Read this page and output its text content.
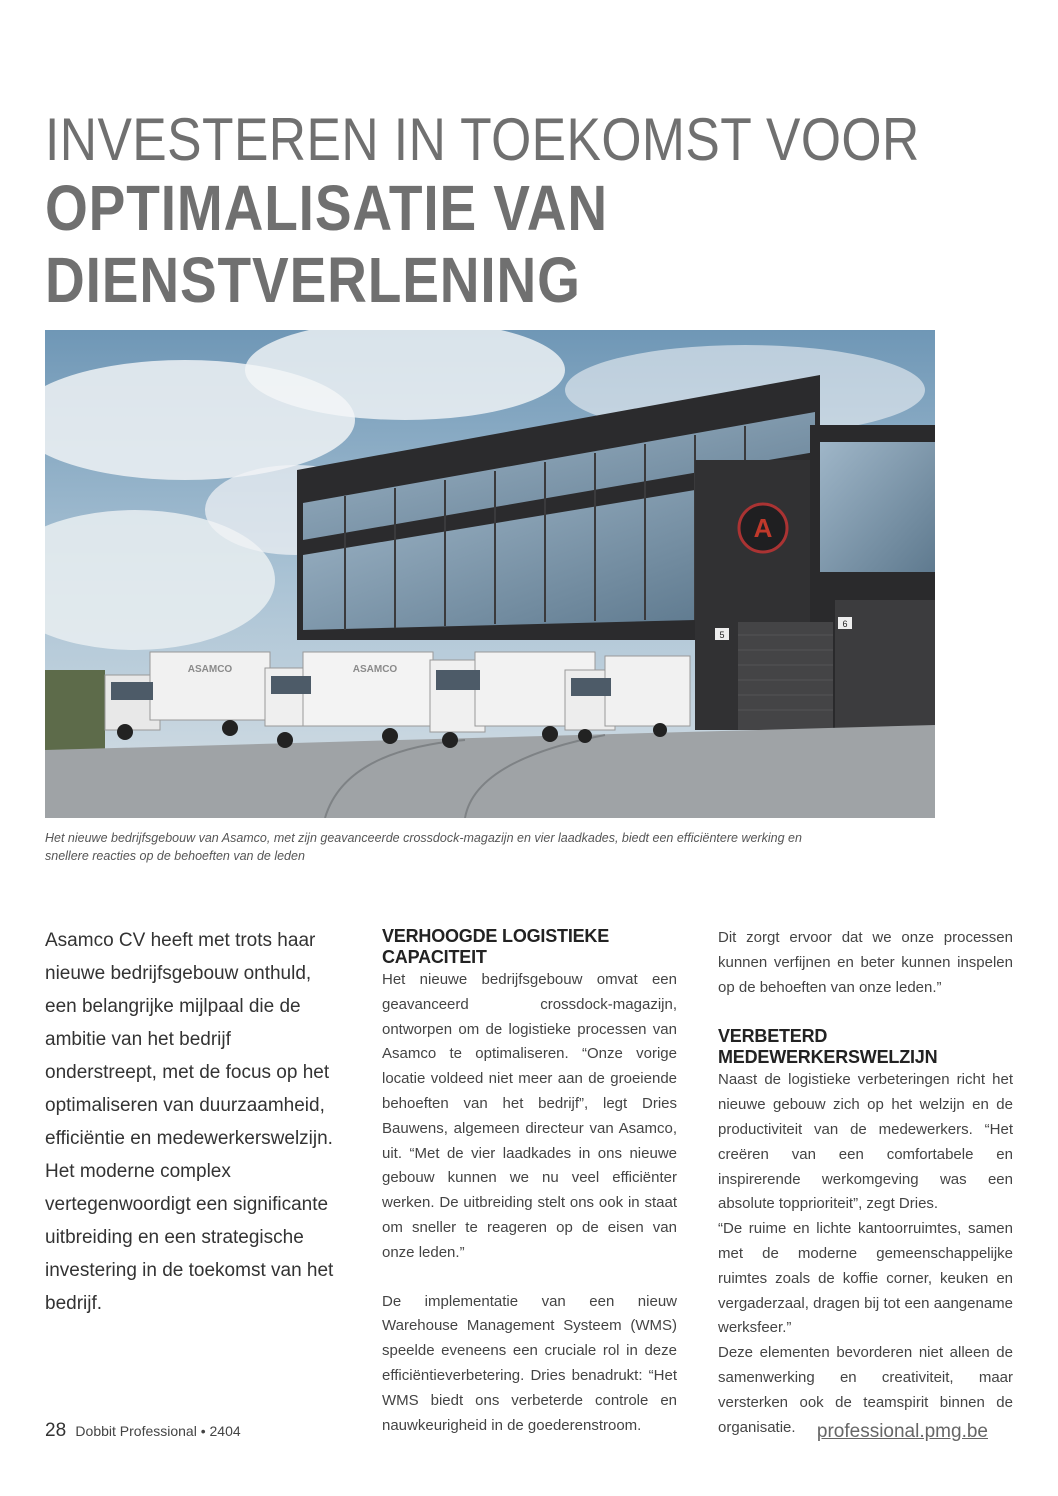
INVESTEREN IN TOEKOMST VOOR
OPTIMALISATIE VAN
DIENSTVERLENING
A
5
6
ASAMCO	ASAMCO
Het nieuwe bedrijfsgebouw van Asamco, met zijn geavanceerde crossdock-magazijn en vier laadkades, biedt een efficiëntere werking en snellere reacties op de behoeften van de leden
Asamco CV heeft met trots haar nieuwe bedrijfsgebouw onthuld, een belangrijke mijlpaal die de ambitie van het bedrijf onderstreept, met de focus op het optimaliseren van duurzaamheid, efficiëntie en medewerkerswelzijn. Het moderne complex vertegenwoordigt een significante uitbreiding en een strategische investering in de toekomst van het bedrijf.
VERHOOGDE LOGISTIEKE CAPACITEIT

Het nieuwe bedrijfsgebouw omvat een geavanceerd crossdock-magazijn, ontworpen om de logistieke processen van Asamco te optimaliseren. “Onze vorige locatie voldeed niet meer aan de groeiende behoeften van het bedrijf”, legt Dries Bauwens, algemeen directeur van Asamco, uit. “Met de vier laadkades in ons nieuwe gebouw kunnen we nu veel efficiënter werken. De uitbreiding stelt ons ook in staat om sneller te reageren op de eisen van onze leden.”

De implementatie van een nieuw Warehouse Management Systeem (WMS) speelde eveneens een cruciale rol in deze efficiëntieverbetering. Dries benadrukt: “Het WMS biedt ons verbeterde controle en nauwkeurigheid in de goederenstroom.

Dit zorgt ervoor dat we onze processen kunnen verfijnen en beter kunnen inspelen op de behoeften van onze leden.”

VERBETERD MEDEWERKERSWELZIJN

Naast de logistieke verbeteringen richt het nieuwe gebouw zich op het welzijn en de productiviteit van de medewerkers. “Het creëren van een comfortabele en inspirerende werkomgeving was een absolute topprioriteit”, zegt Dries.

“De ruime en lichte kantoorruimtes, samen met de moderne gemeenschappelijke ruimtes zoals de koffie corner, keuken en vergaderzaal, dragen bij tot een aangename werksfeer.”

Deze elementen bevorderen niet alleen de samenwerking en creativiteit, maar versterken ook de teamspirit binnen de organisatie.

28 Dobbit Professional • 2404	professional.pmg.be
